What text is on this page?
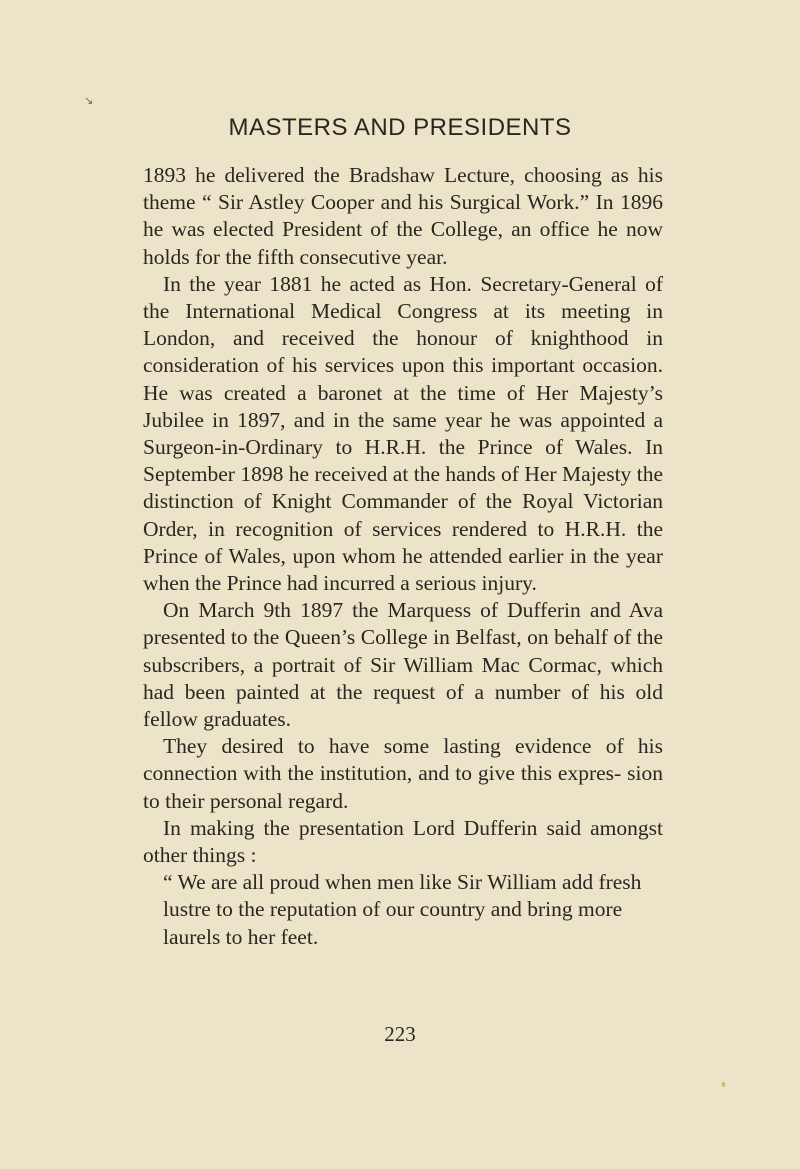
↘
MASTERS AND PRESIDENTS

1893 he delivered the Bradshaw Lecture, choosing as his theme “ Sir Astley Cooper and his Surgical Work.” In 1896 he was elected President of the College, an office he now holds for the fifth consecutive year.

In the year 1881 he acted as Hon. Secretary-General of the International Medical Congress at its meeting in London, and received the honour of knighthood in consideration of his services upon this important occasion. He was created a baronet at the time of Her Majesty’s Jubilee in 1897, and in the same year he was appointed a Surgeon-in-Ordinary to H.R.H. the Prince of Wales. In September 1898 he received at the hands of Her Majesty the distinction of Knight Commander of the Royal Victorian Order, in recognition of services rendered to H.R.H. the Prince of Wales, upon whom he attended earlier in the year when the Prince had incurred a serious injury.

On March 9th 1897 the Marquess of Dufferin and Ava presented to the Queen’s College in Belfast, on behalf of the subscribers, a portrait of Sir William Mac Cormac, which had been painted at the request of a number of his old fellow graduates.

They desired to have some lasting evidence of his connection with the institution, and to give this expres- sion to their personal regard.

In making the presentation Lord Dufferin said amongst other things :

“ We are all proud when men like Sir William add fresh lustre to the reputation of our country and bring more laurels to her feet.

223
